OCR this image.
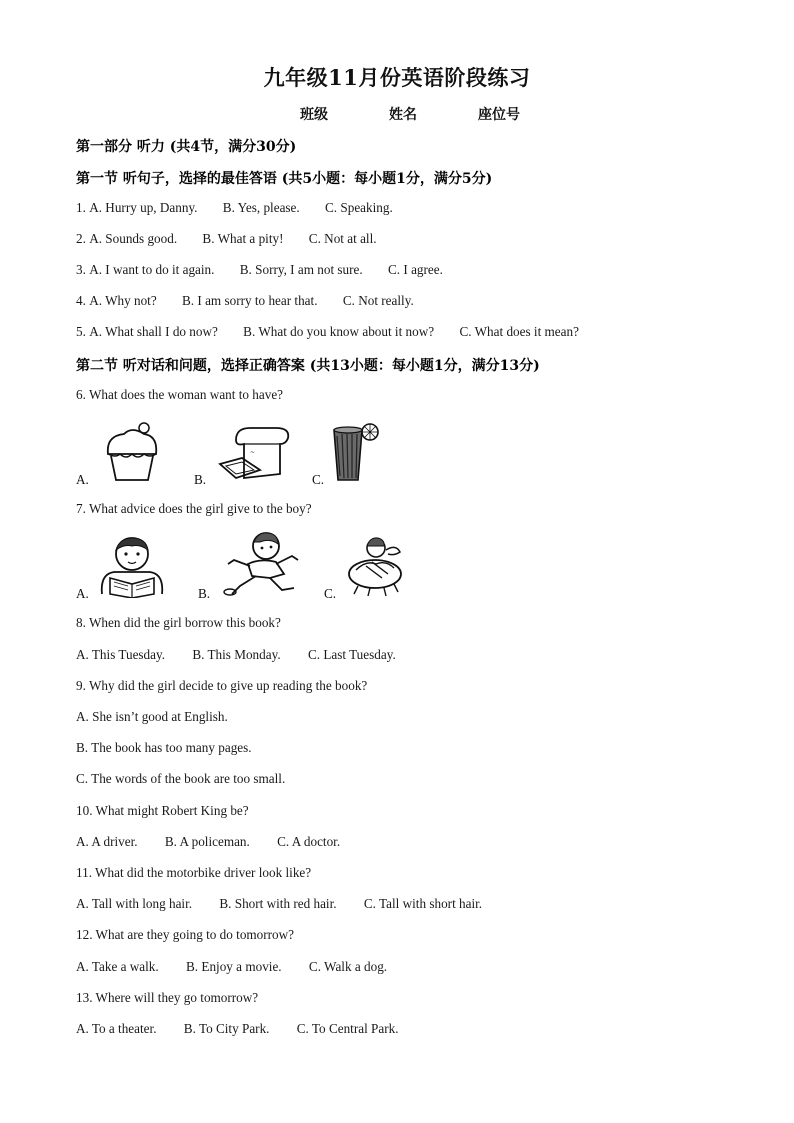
九年级11月份英语阶段练习
班级	姓名	座位号
第一部分 听力 (共4节，满分30分)
第一节 听句子，选择的最佳答语 (共5小题：每小题1分，满分5分)
1. A. Hurry up, Danny. B. Yes, please. C. Speaking.
2. A. Sounds good. B. What a pity! C. Not at all.
3. A. I want to do it again. B. Sorry, I am not sure. C. I agree.
4. A. Why not? B. I am sorry to hear that. C. Not really.
5. A. What shall I do now? B. What do you know about it now? C. What does it mean?
第二节 听对话和问题，选择正确答案 (共13小题：每小题1分，满分13分)
6. What does the woman want to have?
A.	B.
~
C.
7. What advice does the girl give to the boy?
A.	B.	C.
8. When did the girl borrow this book?
A. This Tuesday. B. This Monday. C. Last Tuesday.
9. Why did the girl decide to give up reading the book?
A. She isn’t good at English.
B. The book has too many pages.
C. The words of the book are too small.
10. What might Robert King be?
A. A driver. B. A policeman. C. A doctor.
11. What did the motorbike driver look like?
A. Tall with long hair. B. Short with red hair. C. Tall with short hair.
12. What are they going to do tomorrow?
A. Take a walk. B. Enjoy a movie. C. Walk a dog.
13. Where will they go tomorrow?
A. To a theater. B. To City Park. C. To Central Park.
